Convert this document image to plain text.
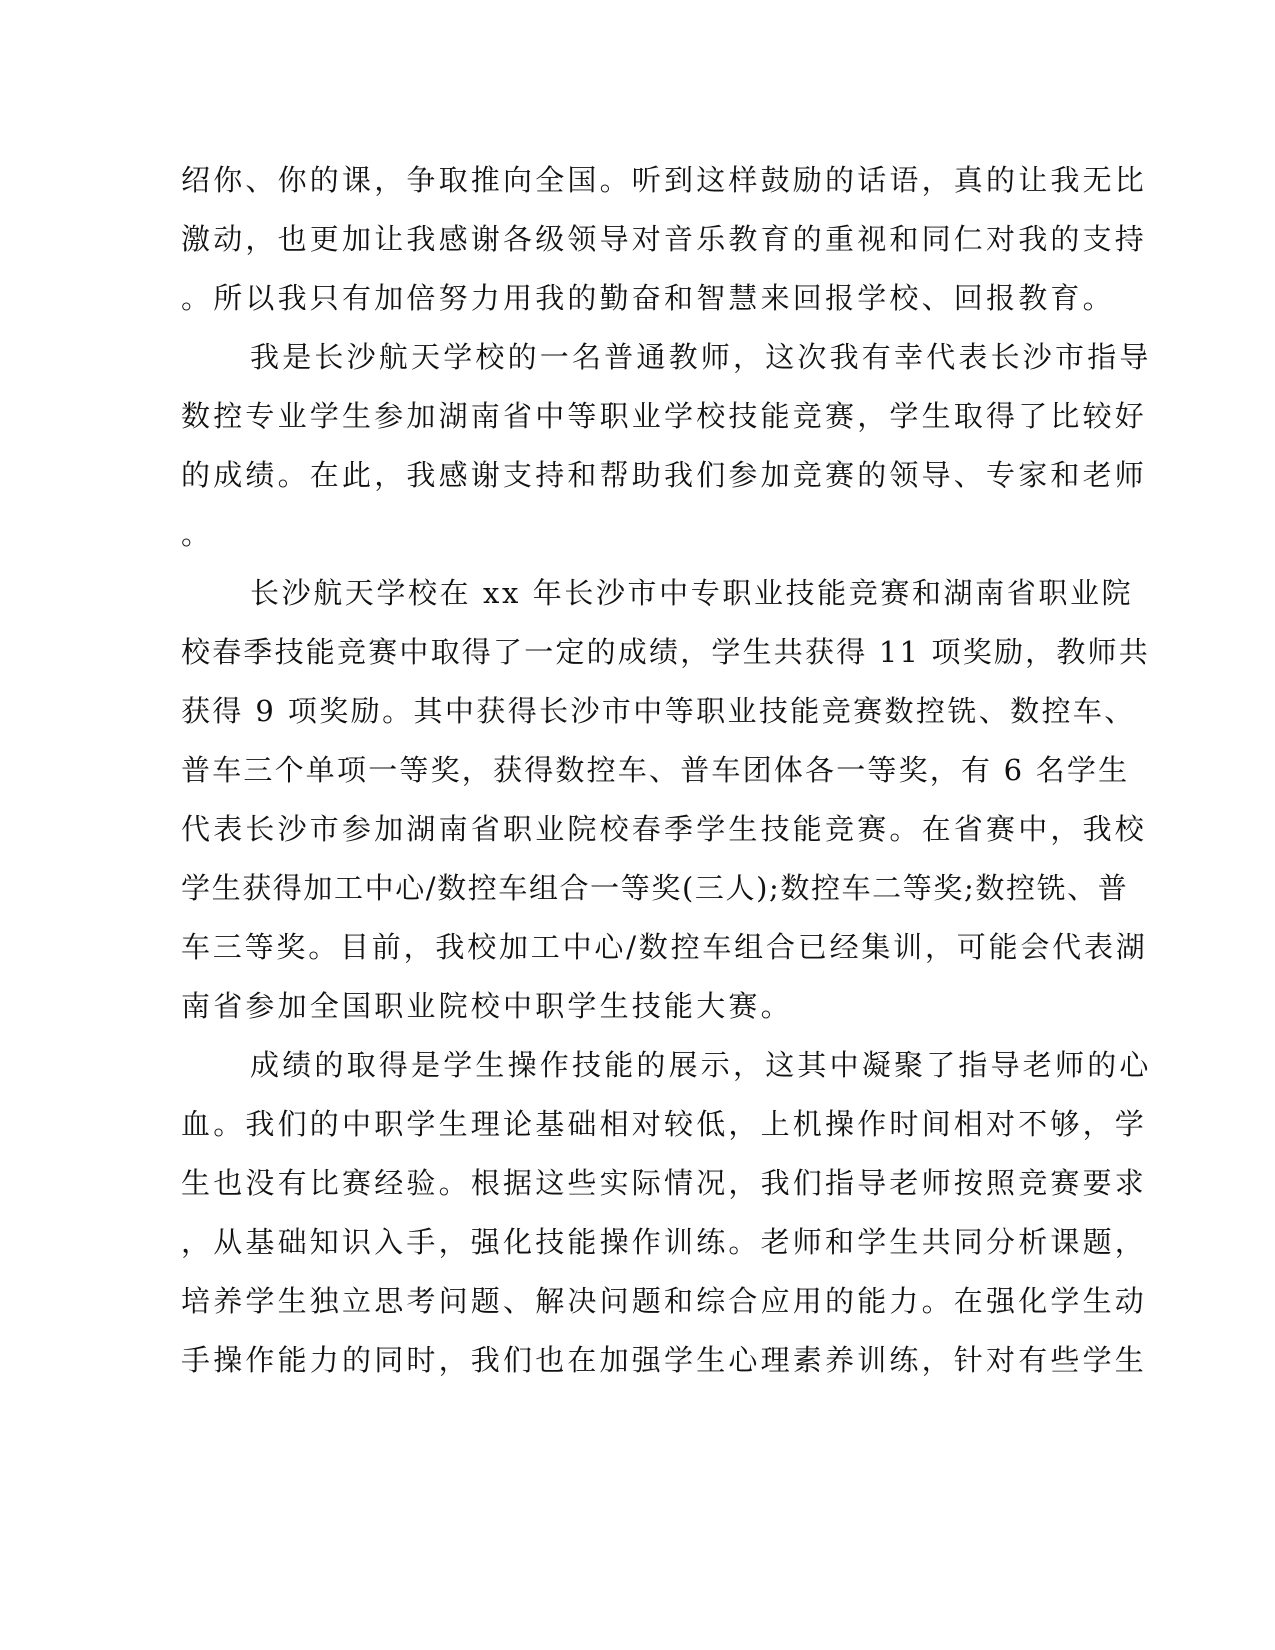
绍你、你的课，争取推向全国。听到这样鼓励的话语，真的让我无比
激动，也更加让我感谢各级领导对音乐教育的重视和同仁对我的支持
。所以我只有加倍努力用我的勤奋和智慧来回报学校、回报教育。
我是长沙航天学校的一名普通教师，这次我有幸代表长沙市指导
数控专业学生参加湖南省中等职业学校技能竞赛，学生取得了比较好
的成绩。在此，我感谢支持和帮助我们参加竞赛的领导、专家和老师
。
长沙航天学校在 xx 年长沙市中专职业技能竞赛和湖南省职业院
校春季技能竞赛中取得了一定的成绩，学生共获得 11 项奖励，教师共
获得 9 项奖励。其中获得长沙市中等职业技能竞赛数控铣、数控车、
普车三个单项一等奖，获得数控车、普车团体各一等奖，有 6 名学生
代表长沙市参加湖南省职业院校春季学生技能竞赛。在省赛中，我校
学生获得加工中心/数控车组合一等奖(三人);数控车二等奖;数控铣、普
车三等奖。目前，我校加工中心/数控车组合已经集训，可能会代表湖
南省参加全国职业院校中职学生技能大赛。
成绩的取得是学生操作技能的展示，这其中凝聚了指导老师的心
血。我们的中职学生理论基础相对较低，上机操作时间相对不够，学
生也没有比赛经验。根据这些实际情况，我们指导老师按照竞赛要求
，从基础知识入手，强化技能操作训练。老师和学生共同分析课题，
培养学生独立思考问题、解决问题和综合应用的能力。在强化学生动
手操作能力的同时，我们也在加强学生心理素养训练，针对有些学生
